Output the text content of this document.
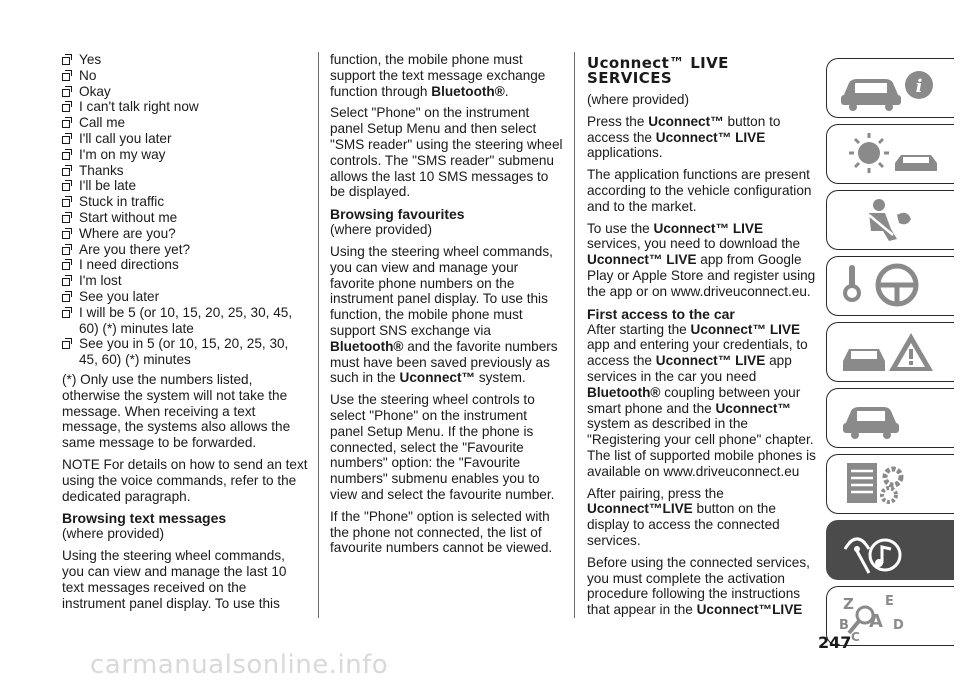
Yes
No
Okay
I can't talk right now
Call me
I'll call you later
I'm on my way
Thanks
I'll be late
Stuck in traffic
Start without me
Where are you?
Are you there yet?
I need directions
I'm lost
See you later
I will be 5 (or 10, 15, 20, 25, 30, 45, 60) (*) minutes late
See you in 5 (or 10, 15, 20, 25, 30, 45, 60) (*) minutes

(*) Only use the numbers listed, otherwise the system will not take the message. When receiving a text message, the systems also allows the same message to be forwarded.

NOTE For details on how to send an text using the voice commands, refer to the dedicated paragraph.

Browsing text messages

(where provided)

Using the steering wheel commands, you can view and manage the last 10 text messages received on the instrument panel display. To use this

function, the mobile phone must support the text message exchange function through Bluetooth®.

Select "Phone" on the instrument panel Setup Menu and then select "SMS reader" using the steering wheel controls. The "SMS reader" submenu allows the last 10 SMS messages to be displayed.

Browsing favourites

(where provided)

Using the steering wheel commands, you can view and manage your favorite phone numbers on the instrument panel display. To use this function, the mobile phone must support SNS exchange via Bluetooth® and the favorite numbers must have been saved previously as such in the Uconnect™ system.

Use the steering wheel controls to select "Phone" on the instrument panel Setup Menu. If the phone is connected, select the "Favourite numbers" option: the "Favourite numbers" submenu enables you to view and select the favourite number.

If the "Phone" option is selected with the phone not connected, the list of favourite numbers cannot be viewed.

Uconnect™ LIVE SERVICES

(where provided)

Press the Uconnect™ button to access the Uconnect™ LIVE applications.

The application functions are present according to the vehicle configuration and to the market.

To use the Uconnect™ LIVE services, you need to download the Uconnect™ LIVE app from Google Play or Apple Store and register using the app or on www.driveuconnect.eu.

First access to the car

After starting the Uconnect™ LIVE app and entering your credentials, to access the Uconnect™ LIVE app services in the car you need Bluetooth® coupling between your smart phone and the Uconnect™ system as described in the "Registering your cell phone" chapter. The list of supported mobile phones is available on www.driveuconnect.eu

After pairing, press the Uconnect™LIVE button on the display to access the connected services.

Before using the connected services, you must complete the activation procedure following the instructions that appear in the Uconnect™LIVE

i
Z E
B A D
C
247
carmanualsonline.info
